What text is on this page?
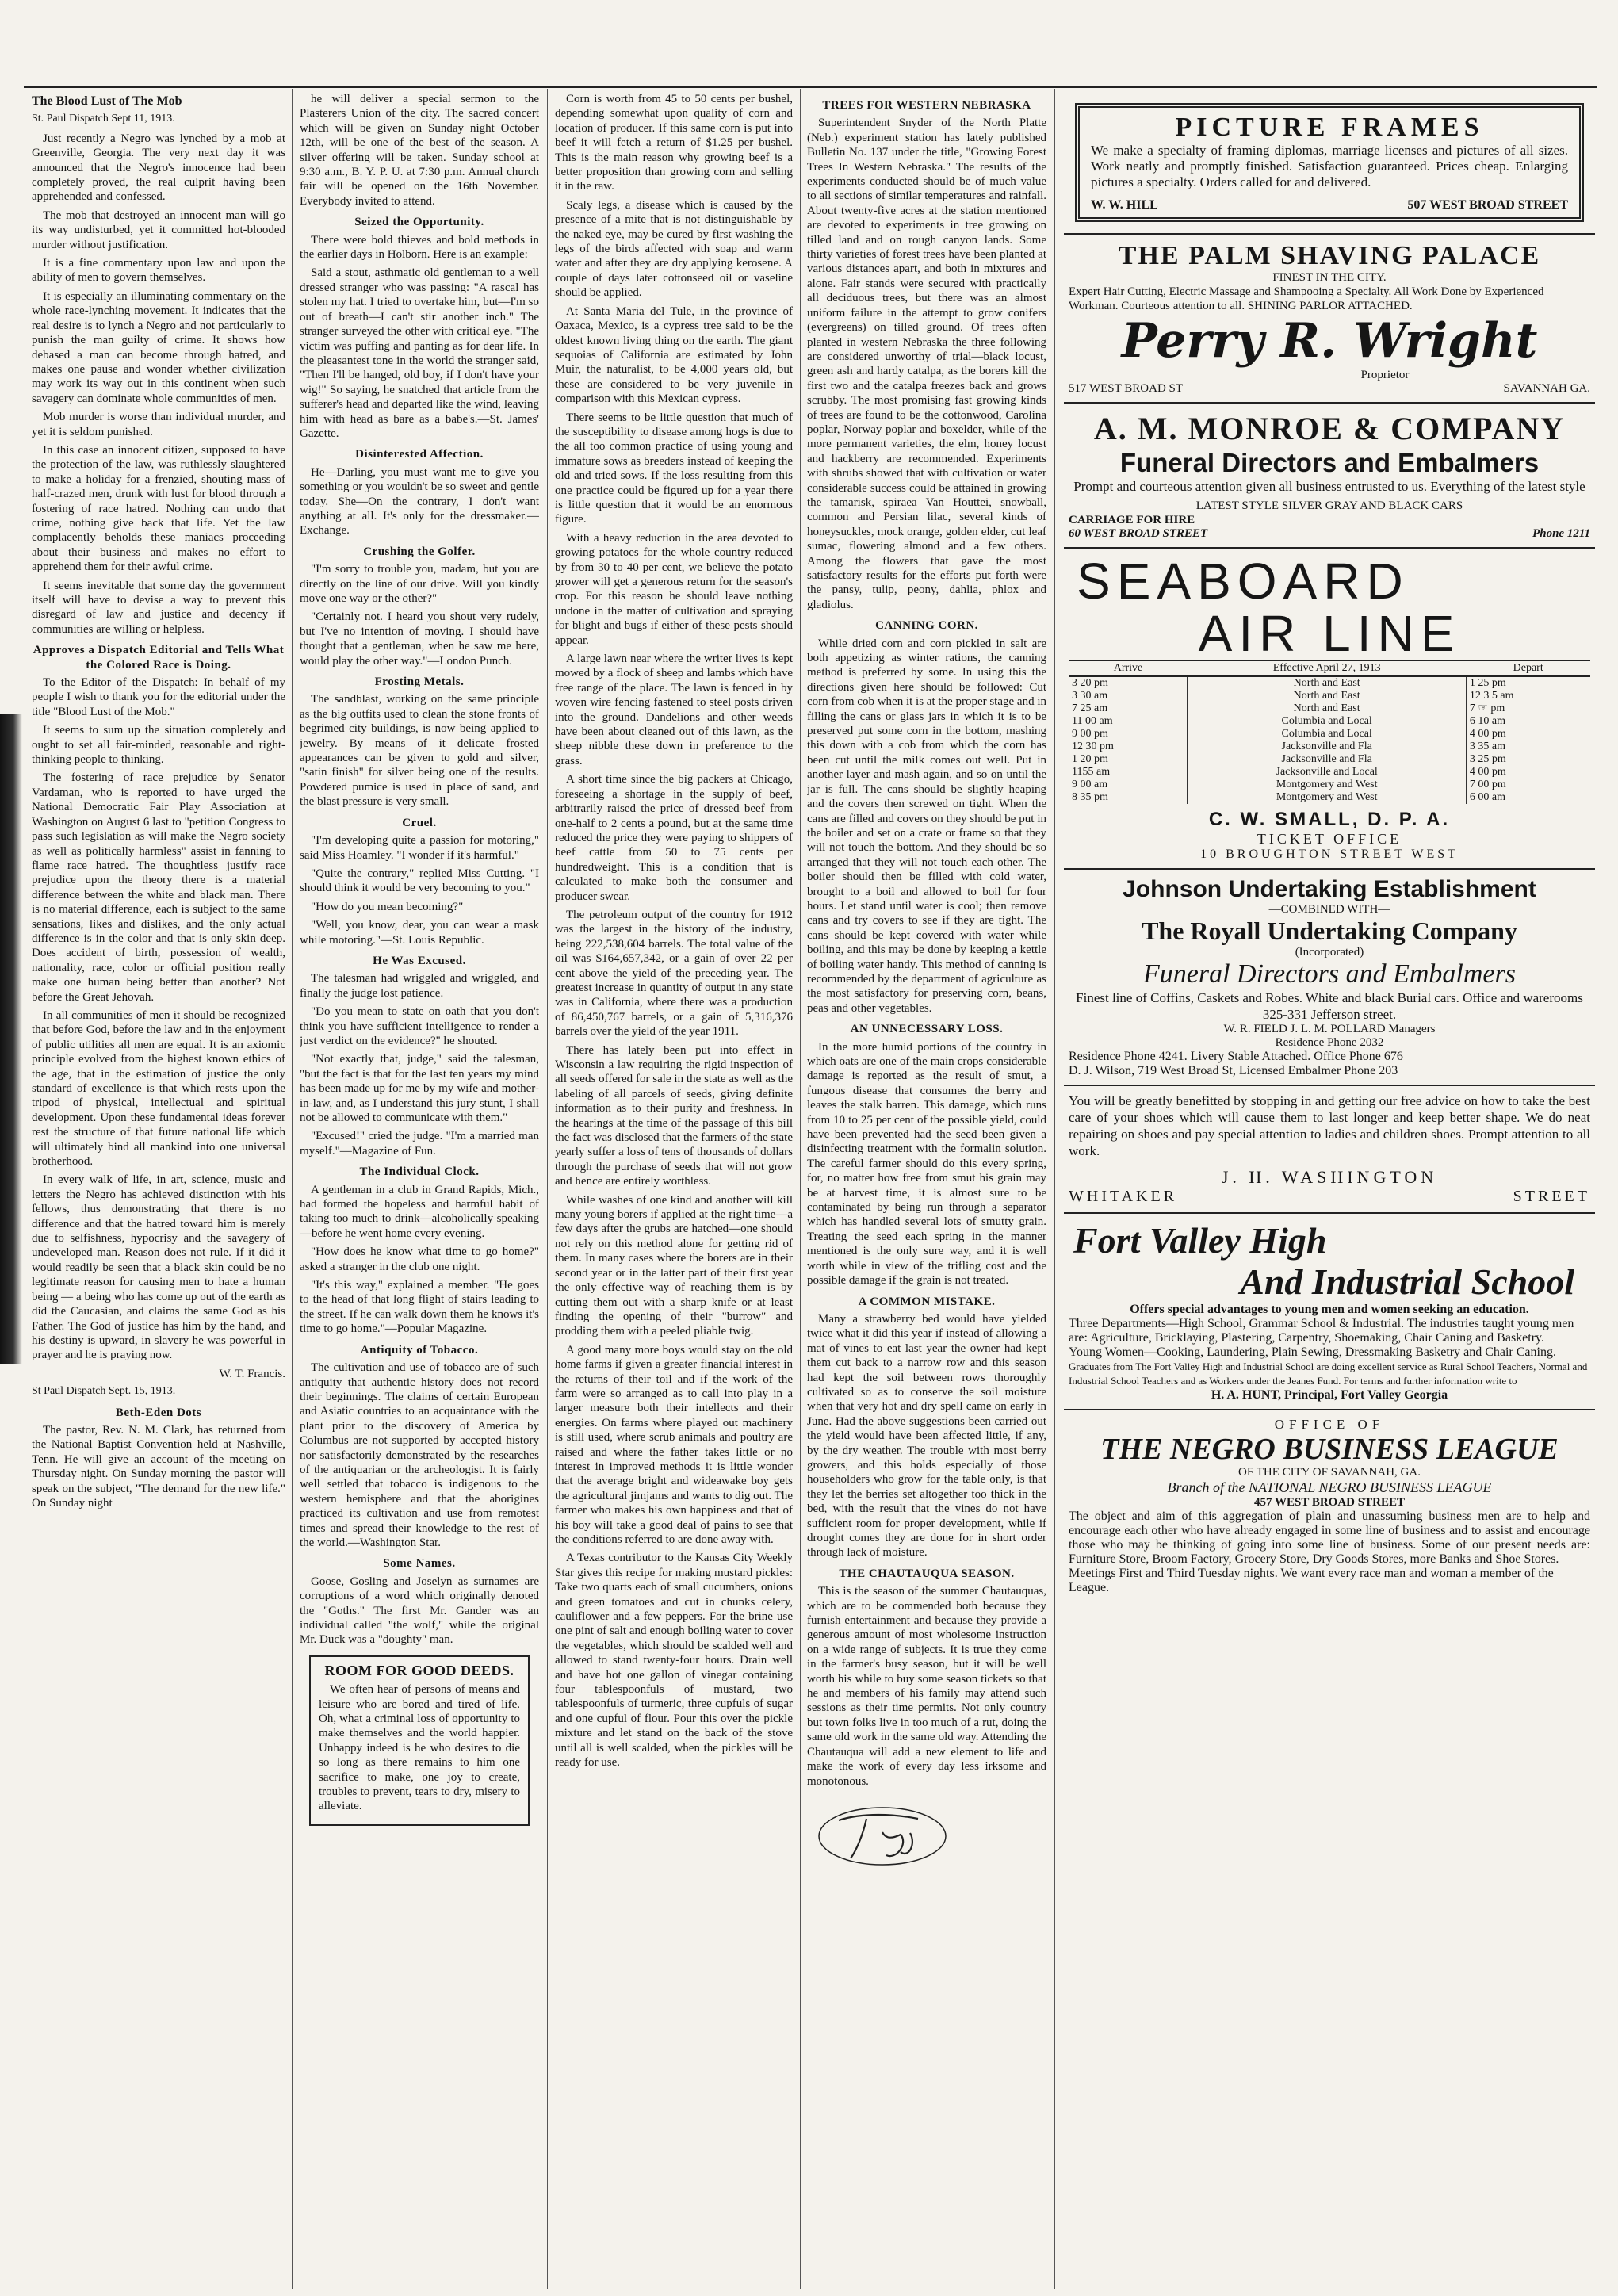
The Blood Lust of The Mob
St. Paul Dispatch Sept 11, 1913.

Just recently a Negro was lynched by a mob at Greenville, Georgia. The very next day it was announced that the Negro's innocence had been completely proved, the real culprit having been apprehended and confessed.

The mob that destroyed an innocent man will go its way undisturbed, yet it committed hot-blooded murder without justification.

It is a fine commentary upon law and upon the ability of men to govern themselves.

It is especially an illuminating commentary on the whole race-lynching movement. It indicates that the real desire is to lynch a Negro and not particularly to punish the man guilty of crime. It shows how debased a man can become through hatred, and makes one pause and wonder whether civilization may work its way out in this continent when such savagery can dominate whole communities of men.

Mob murder is worse than individual murder, and yet it is seldom punished.

In this case an innocent citizen, supposed to have the protection of the law, was ruthlessly slaughtered to make a holiday for a frenzied, shouting mass of half-crazed men, drunk with lust for blood through a fostering of race hatred. Nothing can undo that crime, nothing give back that life. Yet the law complacently beholds these maniacs proceeding about their business and makes no effort to apprehend them for their awful crime.

It seems inevitable that some day the government itself will have to devise a way to prevent this disregard of law and justice and decency if communities are willing or helpless.

Approves a Dispatch Editorial and Tells What the Colored Race is Doing.

To the Editor of the Dispatch: In behalf of my people I wish to thank you for the editorial under the title "Blood Lust of the Mob."

It seems to sum up the situation completely and ought to set all fair-minded, reasonable and right-thinking people to thinking.

The fostering of race prejudice by Senator Vardaman, who is reported to have urged the National Democratic Fair Play Association at Washington on August 6 last to "petition Congress to pass such legislation as will make the Negro society as well as politically harmless" assist in fanning to flame race hatred. The thoughtless justify race prejudice upon the theory there is a material difference between the white and black man. There is no material difference, each is subject to the same sensations, likes and dislikes, and the only actual difference is in the color and that is only skin deep. Does accident of birth, possession of wealth, nationality, race, color or official position really make one human being better than another? Not before the Great Jehovah.

In all communities of men it should be recognized that before God, before the law and in the enjoyment of public utilities all men are equal. It is an axiomic principle evolved from the highest known ethics of the age, that in the estimation of justice the only standard of excellence is that which rests upon the tripod of physical, intellectual and spiritual development. Upon these fundamental ideas forever rest the structure of that future national life which will ultimately bind all mankind into one universal brotherhood.

In every walk of life, in art, science, music and letters the Negro has achieved distinction with his fellows, thus demonstrating that there is no difference and that the hatred toward him is merely due to selfishness, hypocrisy and the savagery of undeveloped man. Reason does not rule. If it did it would readily be seen that a black skin could be no legitimate reason for causing men to hate a human being — a being who has come up out of the earth as did the Caucasian, and claims the same God as his Father. The God of justice has him by the hand, and his destiny is upward, in slavery he was powerful in prayer and he is praying now.

W. T. Francis.
St Paul Dispatch Sept. 15, 1913.
Beth-Eden Dots

The pastor, Rev. N. M. Clark, has returned from the National Baptist Convention held at Nashville, Tenn. He will give an account of the meeting on Thursday night. On Sunday morning the pastor will speak on the subject, "The demand for the new life." On Sunday night

he will deliver a special sermon to the Plasterers Union of the city. The sacred concert which will be given on Sunday night October 12th, will be one of the best of the season. A silver offering will be taken. Sunday school at 9:30 a.m., B. Y. P. U. at 7:30 p.m. Annual church fair will be opened on the 16th November. Everybody invited to attend.

Seized the Opportunity.

There were bold thieves and bold methods in the earlier days in Holborn. Here is an example:

Said a stout, asthmatic old gentleman to a well dressed stranger who was passing: "A rascal has stolen my hat. I tried to overtake him, but—I'm so out of breath—I can't stir another inch." The stranger surveyed the other with critical eye. "The victim was puffing and panting as for dear life. In the pleasantest tone in the world the stranger said, "Then I'll be hanged, old boy, if I don't have your wig!" So saying, he snatched that article from the sufferer's head and departed like the wind, leaving him with head as bare as a babe's.—St. James' Gazette.

Disinterested Affection.

He—Darling, you must want me to give you something or you wouldn't be so sweet and gentle today. She—On the contrary, I don't want anything at all. It's only for the dressmaker.—Exchange.

Crushing the Golfer.

"I'm sorry to trouble you, madam, but you are directly on the line of our drive. Will you kindly move one way or the other?"

"Certainly not. I heard you shout very rudely, but I've no intention of moving. I should have thought that a gentleman, when he saw me here, would play the other way."—London Punch.

Frosting Metals.

The sandblast, working on the same principle as the big outfits used to clean the stone fronts of begrimed city buildings, is now being applied to jewelry. By means of it delicate frosted appearances can be given to gold and silver, "satin finish" for silver being one of the results. Powdered pumice is used in place of sand, and the blast pressure is very small.

Cruel.

"I'm developing quite a passion for motoring," said Miss Hoamley. "I wonder if it's harmful."

"Quite the contrary," replied Miss Cutting. "I should think it would be very becoming to you."

"How do you mean becoming?"

"Well, you know, dear, you can wear a mask while motoring."—St. Louis Republic.

He Was Excused.

The talesman had wriggled and wriggled, and finally the judge lost patience.

"Do you mean to state on oath that you don't think you have sufficient intelligence to render a just verdict on the evidence?" he shouted.

"Not exactly that, judge," said the talesman, "but the fact is that for the last ten years my mind has been made up for me by my wife and mother-in-law, and, as I understand this jury stunt, I shall not be allowed to communicate with them."

"Excused!" cried the judge. "I'm a married man myself."—Magazine of Fun.

The Individual Clock.

A gentleman in a club in Grand Rapids, Mich., had formed the hopeless and harmful habit of taking too much to drink—alcoholically speaking—before he went home every evening.

"How does he know what time to go home?" asked a stranger in the club one night.

"It's this way," explained a member. "He goes to the head of that long flight of stairs leading to the street. If he can walk down them he knows it's time to go home."—Popular Magazine.

Antiquity of Tobacco.

The cultivation and use of tobacco are of such antiquity that authentic history does not record their beginnings. The claims of certain European and Asiatic countries to an acquaintance with the plant prior to the discovery of America by Columbus are not supported by accepted history nor satisfactorily demonstrated by the researches of the antiquarian or the archeologist. It is fairly well settled that tobacco is indigenous to the western hemisphere and that the aborigines practiced its cultivation and use from remotest times and spread their knowledge to the rest of the world.—Washington Star.

Some Names.

Goose, Gosling and Joselyn as surnames are corruptions of a word which originally denoted the "Goths." The first Mr. Gander was an individual called "the wolf," while the original Mr. Duck was a "doughty" man.

ROOM FOR GOOD DEEDS.

We often hear of persons of means and leisure who are bored and tired of life. Oh, what a criminal loss of opportunity to make themselves and the world happier. Unhappy indeed is he who desires to die so long as there remains to him one sacrifice to make, one joy to create, troubles to prevent, tears to dry, misery to alleviate.

Corn is worth from 45 to 50 cents per bushel, depending somewhat upon quality of corn and location of producer. If this same corn is put into beef it will fetch a return of $1.25 per bushel. This is the main reason why growing beef is a better proposition than growing corn and selling it in the raw.

Scaly legs, a disease which is caused by the presence of a mite that is not distinguishable by the naked eye, may be cured by first washing the legs of the birds affected with soap and warm water and after they are dry applying kerosene. A couple of days later cottonseed oil or vaseline should be applied.

At Santa Maria del Tule, in the province of Oaxaca, Mexico, is a cypress tree said to be the oldest known living thing on the earth. The giant sequoias of California are estimated by John Muir, the naturalist, to be 4,000 years old, but these are considered to be very juvenile in comparison with this Mexican cypress.

There seems to be little question that much of the susceptibility to disease among hogs is due to the all too common practice of using young and immature sows as breeders instead of keeping the old and tried sows. If the loss resulting from this one practice could be figured up for a year there is little question that it would be an enormous figure.

With a heavy reduction in the area devoted to growing potatoes for the whole country reduced by from 30 to 40 per cent, we believe the potato grower will get a generous return for the season's crop. For this reason he should leave nothing undone in the matter of cultivation and spraying for blight and bugs if either of these pests should appear.

A large lawn near where the writer lives is kept mowed by a flock of sheep and lambs which have free range of the place. The lawn is fenced in by woven wire fencing fastened to steel posts driven into the ground. Dandelions and other weeds have been about cleaned out of this lawn, as the sheep nibble these down in preference to the grass.

A short time since the big packers at Chicago, foreseeing a shortage in the supply of beef, arbitrarily raised the price of dressed beef from one-half to 2 cents a pound, but at the same time reduced the price they were paying to shippers of beef cattle from 50 to 75 cents per hundredweight. This is a condition that is calculated to make both the consumer and producer swear.

The petroleum output of the country for 1912 was the largest in the history of the industry, being 222,538,604 barrels. The total value of the oil was $164,657,342, or a gain of over 22 per cent above the yield of the preceding year. The greatest increase in quantity of output in any state was in California, where there was a production of 86,450,767 barrels, or a gain of 5,316,376 barrels over the yield of the year 1911.

There has lately been put into effect in Wisconsin a law requiring the rigid inspection of all seeds offered for sale in the state as well as the labeling of all parcels of seeds, giving definite information as to their purity and freshness. In the hearings at the time of the passage of this bill the fact was disclosed that the farmers of the state yearly suffer a loss of tens of thousands of dollars through the purchase of seeds that will not grow and hence are entirely worthless.

While washes of one kind and another will kill many young borers if applied at the right time—a few days after the grubs are hatched—one should not rely on this method alone for getting rid of them. In many cases where the borers are in their second year or in the latter part of their first year the only effective way of reaching them is by cutting them out with a sharp knife or at least finding the opening of their "burrow" and prodding them with a peeled pliable twig.

A good many more boys would stay on the old home farms if given a greater financial interest in the returns of their toil and if the work of the farm were so arranged as to call into play in a larger measure both their intellects and their energies. On farms where played out machinery is still used, where scrub animals and poultry are raised and where the father takes little or no interest in improved methods it is little wonder that the average bright and wideawake boy gets the agricultural jimjams and wants to dig out. The farmer who makes his own happiness and that of his boy will take a good deal of pains to see that the conditions referred to are done away with.

A Texas contributor to the Kansas City Weekly Star gives this recipe for making mustard pickles: Take two quarts each of small cucumbers, onions and green tomatoes and cut in chunks celery, cauliflower and a few peppers. For the brine use one pint of salt and enough boiling water to cover the vegetables, which should be scalded well and allowed to stand twenty-four hours. Drain well and have hot one gallon of vinegar containing four tablespoonfuls of mustard, two tablespoonfuls of turmeric, three cupfuls of sugar and one cupful of flour. Pour this over the pickle mixture and let stand on the back of the stove until all is well scalded, when the pickles will be ready for use.

TREES FOR WESTERN NEBRASKA

Superintendent Snyder of the North Platte (Neb.) experiment station has lately published Bulletin No. 137 under the title, "Growing Forest Trees In Western Nebraska." The results of the experiments conducted should be of much value to all sections of similar temperatures and rainfall. About twenty-five acres at the station mentioned are devoted to experiments in tree growing on tilled land and on rough canyon lands. Some thirty varieties of forest trees have been planted at various distances apart, and both in mixtures and alone. Fair stands were secured with practically all deciduous trees, but there was an almost uniform failure in the attempt to grow conifers (evergreens) on tilled ground. Of trees often planted in western Nebraska the three following are considered unworthy of trial—black locust, green ash and hardy catalpa, as the borers kill the first two and the catalpa freezes back and grows scrubby. The most promising fast growing kinds of trees are found to be the cottonwood, Carolina poplar, Norway poplar and boxelder, while of the more permanent varieties, the elm, honey locust and hackberry are recommended. Experiments with shrubs showed that with cultivation or water considerable success could be attained in growing the tamarisk, spiraea Van Houttei, snowball, common and Persian lilac, several kinds of honeysuckles, mock orange, golden elder, cut leaf sumac, flowering almond and a few others. Among the flowers that gave the most satisfactory results for the efforts put forth were the pansy, tulip, peony, dahlia, phlox and gladiolus.

CANNING CORN.

While dried corn and corn pickled in salt are both appetizing as winter rations, the canning method is preferred by some. In using this the directions given here should be followed: Cut corn from cob when it is at the proper stage and in filling the cans or glass jars in which it is to be preserved put some corn in the bottom, mashing this down with a cob from which the corn has been cut until the milk comes out well. Put in another layer and mash again, and so on until the jar is full. The cans should be slightly heaping and the covers then screwed on tight. When the cans are filled and covers on they should be put in the boiler and set on a crate or frame so that they will not touch the bottom. And they should be so arranged that they will not touch each other. The boiler should then be filled with cold water, brought to a boil and allowed to boil for four hours. Let stand until water is cool; then remove cans and try covers to see if they are tight. The cans should be kept covered with water while boiling, and this may be done by keeping a kettle of boiling water handy. This method of canning is recommended by the department of agriculture as the most satisfactory for preserving corn, beans, peas and other vegetables.

AN UNNECESSARY LOSS.

In the more humid portions of the country in which oats are one of the main crops considerable damage is reported as the result of smut, a fungous disease that consumes the berry and leaves the stalk barren. This damage, which runs from 10 to 25 per cent of the possible yield, could have been prevented had the seed been given a disinfecting treatment with the formalin solution. The careful farmer should do this every spring, for, no matter how free from smut his grain may be at harvest time, it is almost sure to be contaminated by being run through a separator which has handled several lots of smutty grain. Treating the seed each spring in the manner mentioned is the only sure way, and it is well worth while in view of the trifling cost and the possible damage if the grain is not treated.

A COMMON MISTAKE.

Many a strawberry bed would have yielded twice what it did this year if instead of allowing a mat of vines to eat last year the owner had kept them cut back to a narrow row and this season had kept the soil between rows thoroughly cultivated so as to conserve the soil moisture when that very hot and dry spell came on early in June. Had the above suggestions been carried out the yield would have been affected little, if any, by the dry weather. The trouble with most berry growers, and this holds especially of those householders who grow for the table only, is that they let the berries set altogether too thick in the bed, with the result that the vines do not have sufficient room for proper development, while if drought comes they are done for in short order through lack of moisture.

THE CHAUTAUQUA SEASON.

This is the season of the summer Chautauquas, which are to be commended both because they furnish entertainment and because they provide a generous amount of most wholesome instruction on a wide range of subjects. It is true they come in the farmer's busy season, but it will be well worth his while to buy some season tickets so that he and members of his family may attend such sessions as their time permits. Not only country but town folks live in too much of a rut, doing the same old work in the same old way. Attending the Chautauqua will add a new element to life and make the work of every day less irksome and monotonous.

PICTURE FRAMES
We make a specialty of framing diplomas, marriage licenses and pictures of all sizes. Work neatly and promptly finished. Satisfaction guaranteed. Prices cheap. Enlarging pictures a specialty. Orders called for and delivered.
W. W. HILL	507 WEST BROAD STREET
THE PALM SHAVING PALACE
FINEST IN THE CITY.
Expert Hair Cutting, Electric Massage and Shampooing a Specialty. All Work Done by Experienced Workman. Courteous attention to all. SHINING PARLOR ATTACHED.
Perry R. Wright
Proprietor
517 WEST BROAD ST	SAVANNAH GA.
A. M. MONROE & COMPANY
Funeral Directors and Embalmers
Prompt and courteous attention given all business entrusted to us. Everything of the latest style
LATEST STYLE SILVER GRAY AND BLACK CARS
CARRIAGE FOR HIRE
60 WEST BROAD STREET	Phone 1211
SEABOARD
AIR LINE
Arrive	Effective April 27, 1913	Depart
3 20 pm	North and East	1 25 pm
3 30 am	North and East	12 3 5 am
7 25 am	North and East	7 ☞ pm
11 00 am	Columbia and Local	6 10 am
9 00 pm	Columbia and Local	4 00 pm
12 30 pm	Jacksonville and Fla	3 35 am
1 20 pm	Jacksonville and Fla	3 25 pm
1155 am	Jacksonville and Local	4 00 pm
9 00 am	Montgomery and West	7 00 pm
8 35 pm	Montgomery and West	6 00 am
C. W. SMALL, D. P. A.
TICKET OFFICE
10 BROUGHTON STREET WEST
Johnson Undertaking Establishment
—COMBINED WITH—
The Royall Undertaking Company
(Incorporated)
Funeral Directors and Embalmers
Finest line of Coffins, Caskets and Robes. White and black Burial cars. Office and warerooms 325-331 Jefferson street.
W. R. FIELD J. L. M. POLLARD Managers
Residence Phone 2032
Residence Phone 4241. Livery Stable Attached. Office Phone 676
D. J. Wilson, 719 West Broad St, Licensed Embalmer Phone 203
You will be greatly benefitted by stopping in and getting our free advice on how to take the best care of your shoes which will cause them to last longer and keep better shape. We do neat repairing on shoes and pay special attention to ladies and children shoes. Prompt attention to all work.
J. H. WASHINGTON
WHITAKER	STREET
Fort Valley High
And Industrial School
Offers special advantages to young men and women seeking an education.
Three Departments—High School, Grammar School & Industrial. The industries taught young men are: Agriculture, Bricklaying, Plastering, Carpentry, Shoemaking, Chair Caning and Basketry.
Young Women—Cooking, Laundering, Plain Sewing, Dressmaking Basketry and Chair Caning.
Graduates from The Fort Valley High and Industrial School are doing excellent service as Rural School Teachers, Normal and Industrial School Teachers and as Workers under the Jeanes Fund. For terms and further information write to
H. A. HUNT, Principal, Fort Valley Georgia
OFFICE OF
THE NEGRO BUSINESS LEAGUE
OF THE CITY OF SAVANNAH, GA.
Branch of the NATIONAL NEGRO BUSINESS LEAGUE
457 WEST BROAD STREET
The object and aim of this aggregation of plain and unassuming business men are to help and encourage each other who have already engaged in some line of business and to assist and encourage those who may be thinking of going into some line of business. Some of our present needs are: Furniture Store, Broom Factory, Grocery Store, Dry Goods Stores, more Banks and Shoe Stores.
Meetings First and Third Tuesday nights. We want every race man and woman a member of the League.
